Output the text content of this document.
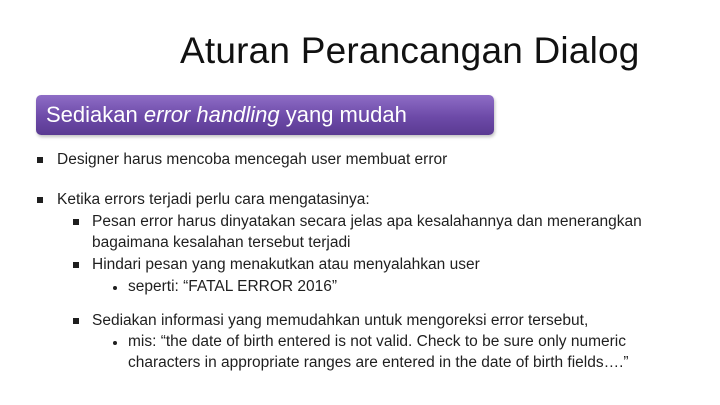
Aturan Perancangan Dialog
Sediakan error handling yang mudah
Designer harus mencoba mencegah user membuat error
Ketika errors terjadi perlu cara mengatasinya:
Pesan error harus dinyatakan secara jelas apa kesalahannya dan menerangkan
bagaimana kesalahan tersebut terjadi
Hindari pesan yang menakutkan atau menyalahkan user
seperti: “FATAL ERROR 2016”
Sediakan informasi yang memudahkan untuk mengoreksi error tersebut,
mis: “the date of birth entered is not valid. Check to be sure only numeric
characters in appropriate ranges are entered in the date of birth fields….”
